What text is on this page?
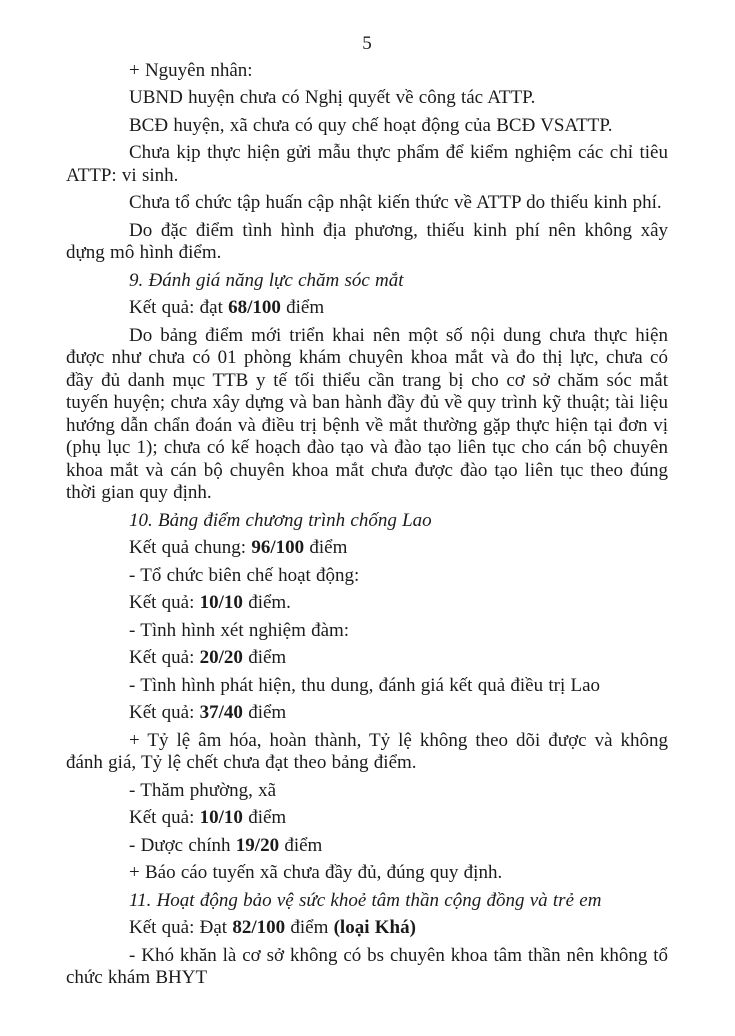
5

+ Nguyên nhân:

UBND huyện chưa có Nghị quyết về công tác ATTP.

BCĐ huyện, xã chưa có quy chế hoạt động của BCĐ VSATTP.

Chưa kịp thực hiện gửi mẫu thực phẩm để kiểm nghiệm các chỉ tiêu ATTP: vi sinh.

Chưa tổ chức tập huấn cập nhật kiến thức về ATTP do thiếu kinh phí.

Do đặc điểm tình hình địa phương, thiếu kinh phí nên không xây dựng mô hình điểm.

9. Đánh giá năng lực chăm sóc mắt

Kết quả: đạt 68/100 điểm

Do bảng điểm mới triển khai nên một số nội dung chưa thực hiện được như chưa có 01 phòng khám chuyên khoa mắt và đo thị lực, chưa có đầy đủ danh mục TTB y tế tối thiểu cần trang bị cho cơ sở chăm sóc mắt tuyến huyện; chưa xây dựng và ban hành đầy đủ về quy trình kỹ thuật; tài liệu hướng dẫn chẩn đoán và điều trị bệnh về mắt thường gặp thực hiện tại đơn vị (phụ lục 1); chưa có kế hoạch đào tạo và đào tạo liên tục cho cán bộ chuyên khoa mắt và cán bộ chuyên khoa mắt chưa được đào tạo liên tục theo đúng thời gian quy định.

10. Bảng điểm chương trình chống Lao

Kết quả chung: 96/100 điểm

- Tổ chức biên chế hoạt động:

Kết quả: 10/10 điểm.

- Tình hình xét nghiệm đàm:

Kết quả: 20/20 điểm

- Tình hình phát hiện, thu dung, đánh giá kết quả điều trị Lao

Kết quả: 37/40 điểm

+ Tỷ lệ âm hóa, hoàn thành, Tỷ lệ không theo dõi được và không đánh giá, Tỷ lệ chết chưa đạt theo bảng điểm.

- Thăm phường, xã

Kết quả: 10/10 điểm

- Dược chính 19/20 điểm

+ Báo cáo tuyến xã chưa đầy đủ, đúng quy định.

11. Hoạt động bảo vệ sức khoẻ tâm thần cộng đồng và trẻ em

Kết quả: Đạt 82/100 điểm (loại Khá)

- Khó khăn là cơ sở không có bs chuyên khoa tâm thần nên không tổ chức khám BHYT
